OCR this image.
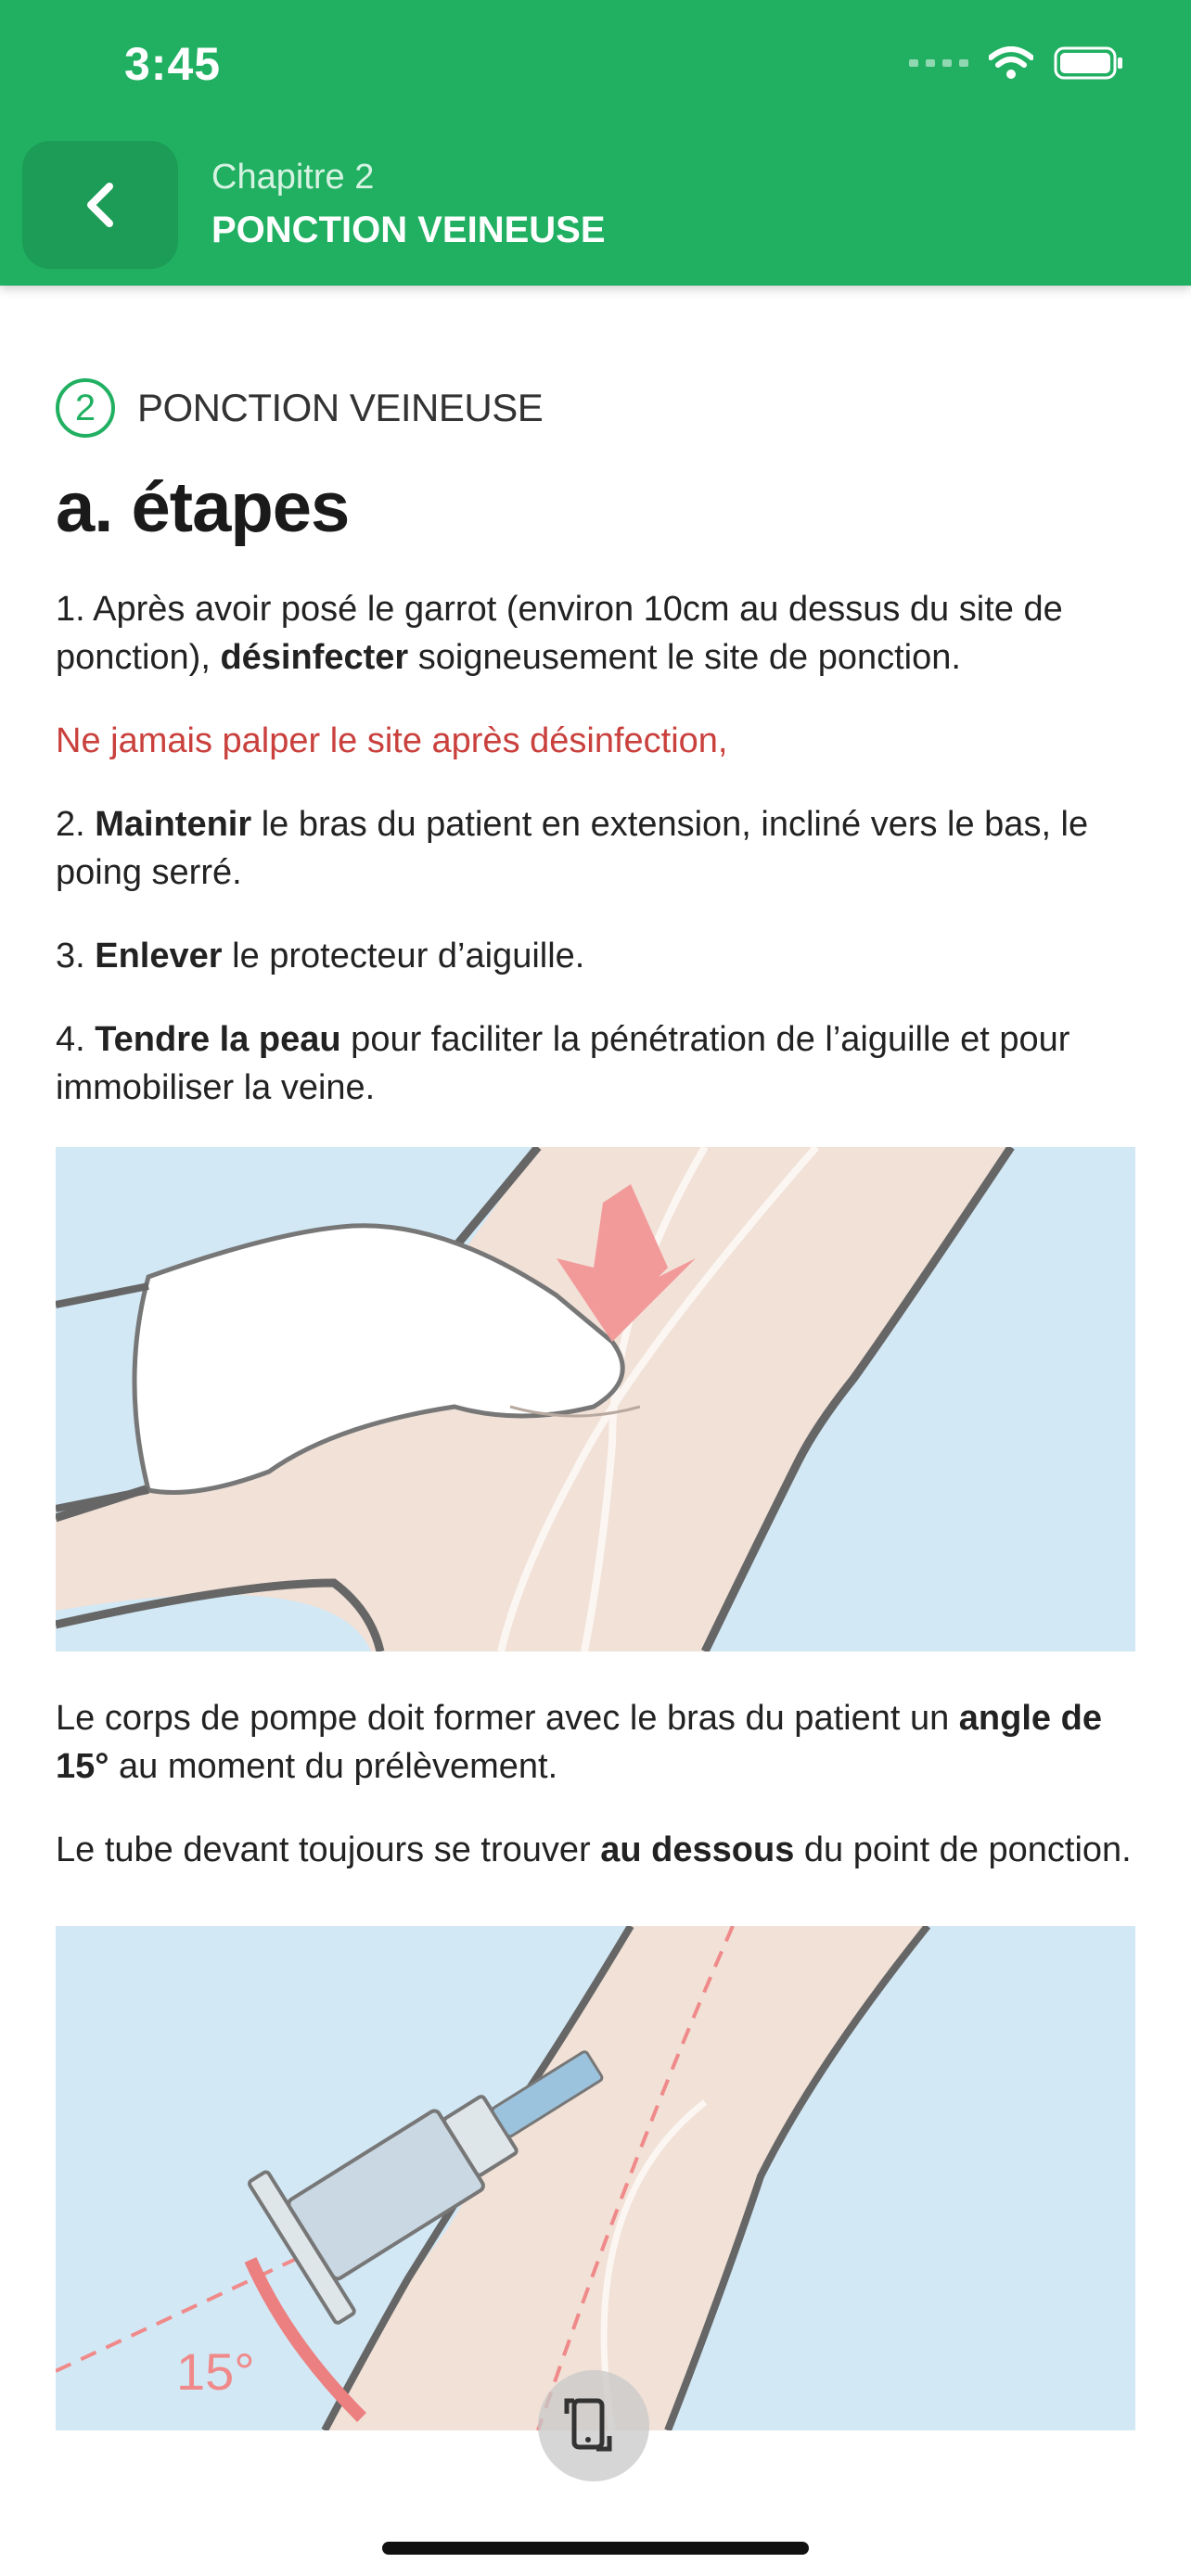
3:45
Chapitre 2
PONCTION VEINEUSE
2	PONCTION VEINEUSE
a. étapes

1. Après avoir posé le garrot (environ 10cm au dessus du site de ponction), désinfecter soigneusement le site de ponction.

Ne jamais palper le site après désinfection,

2. Maintenir le bras du patient en extension, incliné vers le bas, le poing serré.

3. Enlever le protecteur d’aiguille.

4. Tendre la peau pour faciliter la pénétration de l’aiguille et pour immobiliser la veine.

Le corps de pompe doit former avec le bras du patient un angle de 15° au moment du prélèvement.

Le tube devant toujours se trouver au dessous du point de ponction.

15°
